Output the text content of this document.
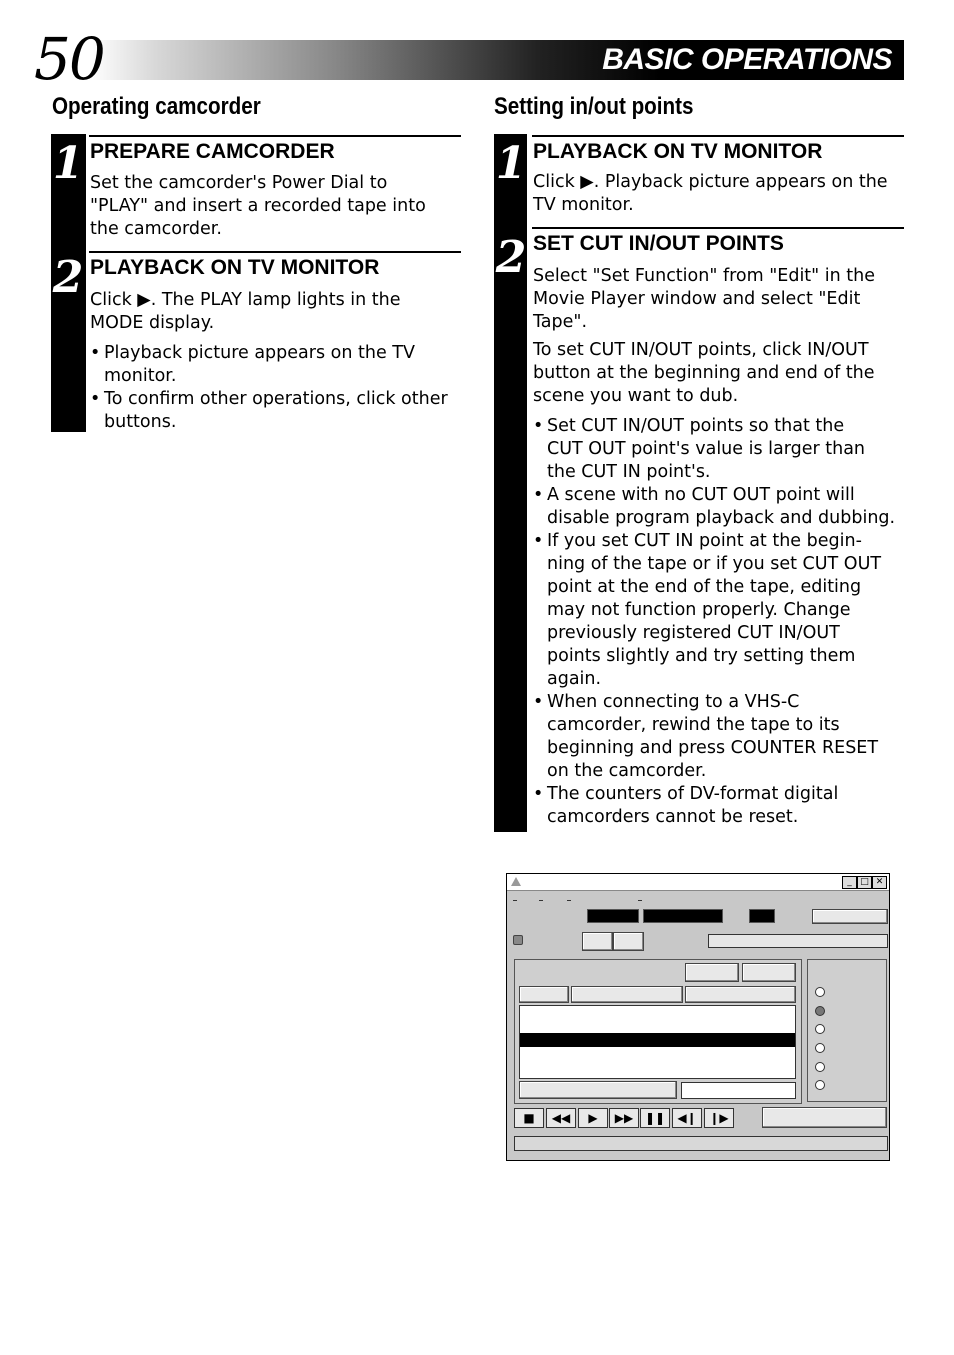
50	BASIC OPERATIONS
Operating camcorder
1
2
PREPARE CAMCORDER
Set the camcorder's Power Dial to
"PLAY" and insert a recorded tape into
the camcorder.
PLAYBACK ON TV MONITOR
Click ▶. The PLAY lamp lights in the
MODE display.
• Playback picture appears on the TV
monitor.
• To confirm other operations, click other
buttons.
Setting in/out points
1
2
PLAYBACK ON TV MONITOR
Click ▶. Playback picture appears on the
TV monitor.
SET CUT IN/OUT POINTS
Select "Set Function" from "Edit" in the
Movie Player window and select "Edit
Tape".
To set CUT IN/OUT points, click IN/OUT
button at the beginning and end of the
scene you want to dub.
• Set CUT IN/OUT points so that the
CUT OUT point's value is larger than
the CUT IN point's.
• A scene with no CUT OUT point will
disable program playback and dubbing.
• If you set CUT IN point at the begin-
ning of the tape or if you set CUT OUT
point at the end of the tape, editing
may not function properly. Change
previously registered CUT IN/OUT
points slightly and try setting them
again.
• When connecting to a VHS-C
camcorder, rewind the tape to its
beginning and press COUNTER RESET
on the camcorder.
• The counters of DV-format digital
camcorders cannot be reset.
_ □ ✕
■	◀◀	▶	▶▶ ❚❚	◀❙	❙▶
